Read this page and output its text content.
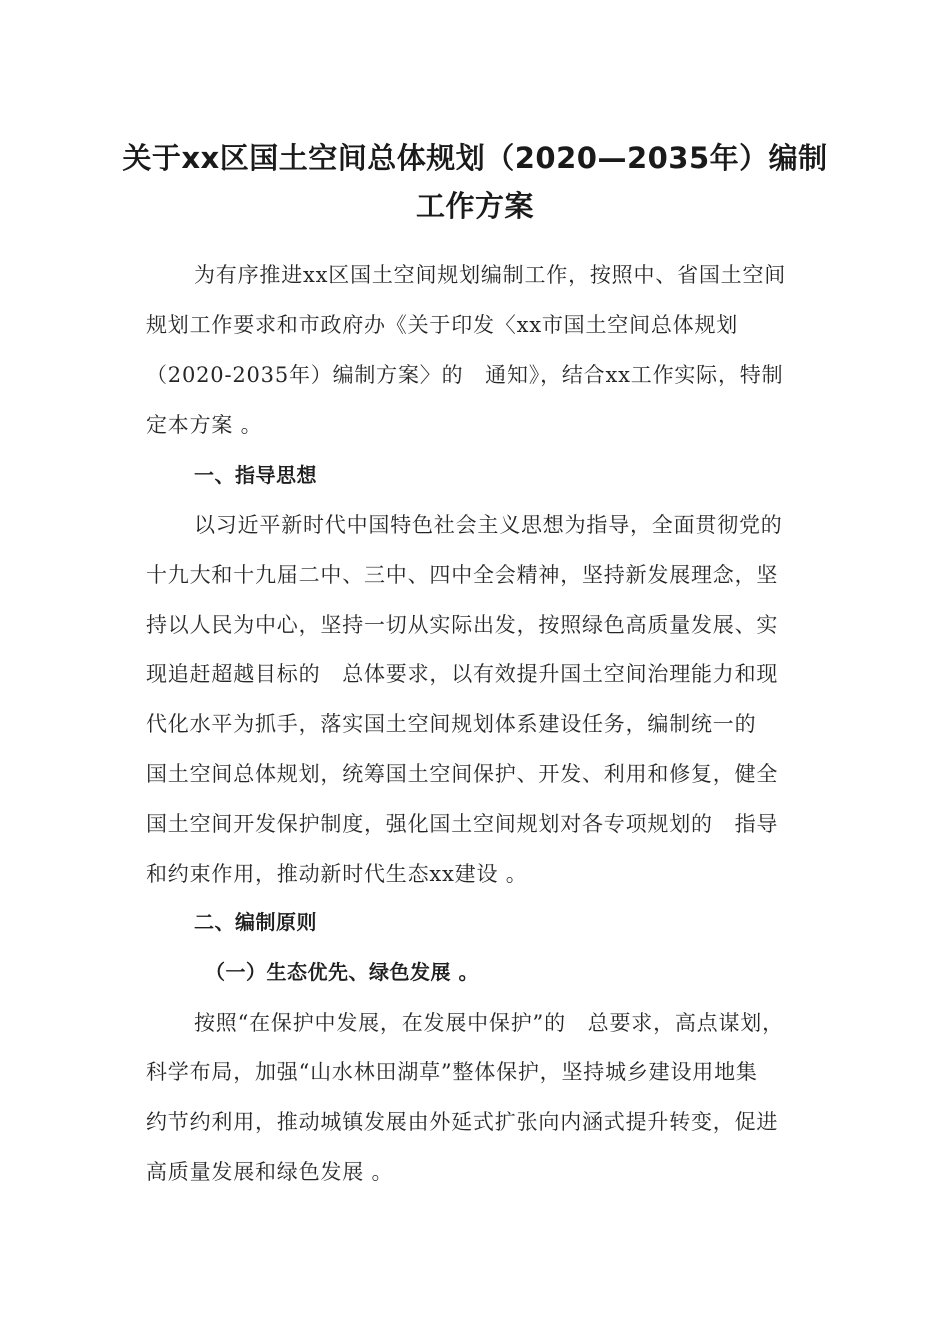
关于xx区国土空间总体规划（2020—2035年）编制
工作方案
为有序推进xx区国土空间规划编制工作，按照中、省国土空间
规划工作要求和市政府办《关于印发〈xx市国土空间总体规划
（2020-2035年）编制方案〉的　通知》，结合xx工作实际，特制
定本方案 。
一、指导思想
以习近平新时代中国特色社会主义思想为指导，全面贯彻党的
十九大和十九届二中、三中、四中全会精神，坚持新发展理念，坚
持以人民为中心，坚持一切从实际出发，按照绿色高质量发展、实
现追赶超越目标的　总体要求，以有效提升国土空间治理能力和现
代化水平为抓手，落实国土空间规划体系建设任务，编制统一的
国土空间总体规划，统筹国土空间保护、开发、利用和修复，健全
国土空间开发保护制度，强化国土空间规划对各专项规划的　指导
和约束作用，推动新时代生态xx建设 。
二、编制原则
（一）生态优先、绿色发展 。
按照“在保护中发展，在发展中保护”的　总要求，高点谋划，
科学布局，加强“山水林田湖草”整体保护，坚持城乡建设用地集
约节约利用，推动城镇发展由外延式扩张向内涵式提升转变，促进
高质量发展和绿色发展 。
